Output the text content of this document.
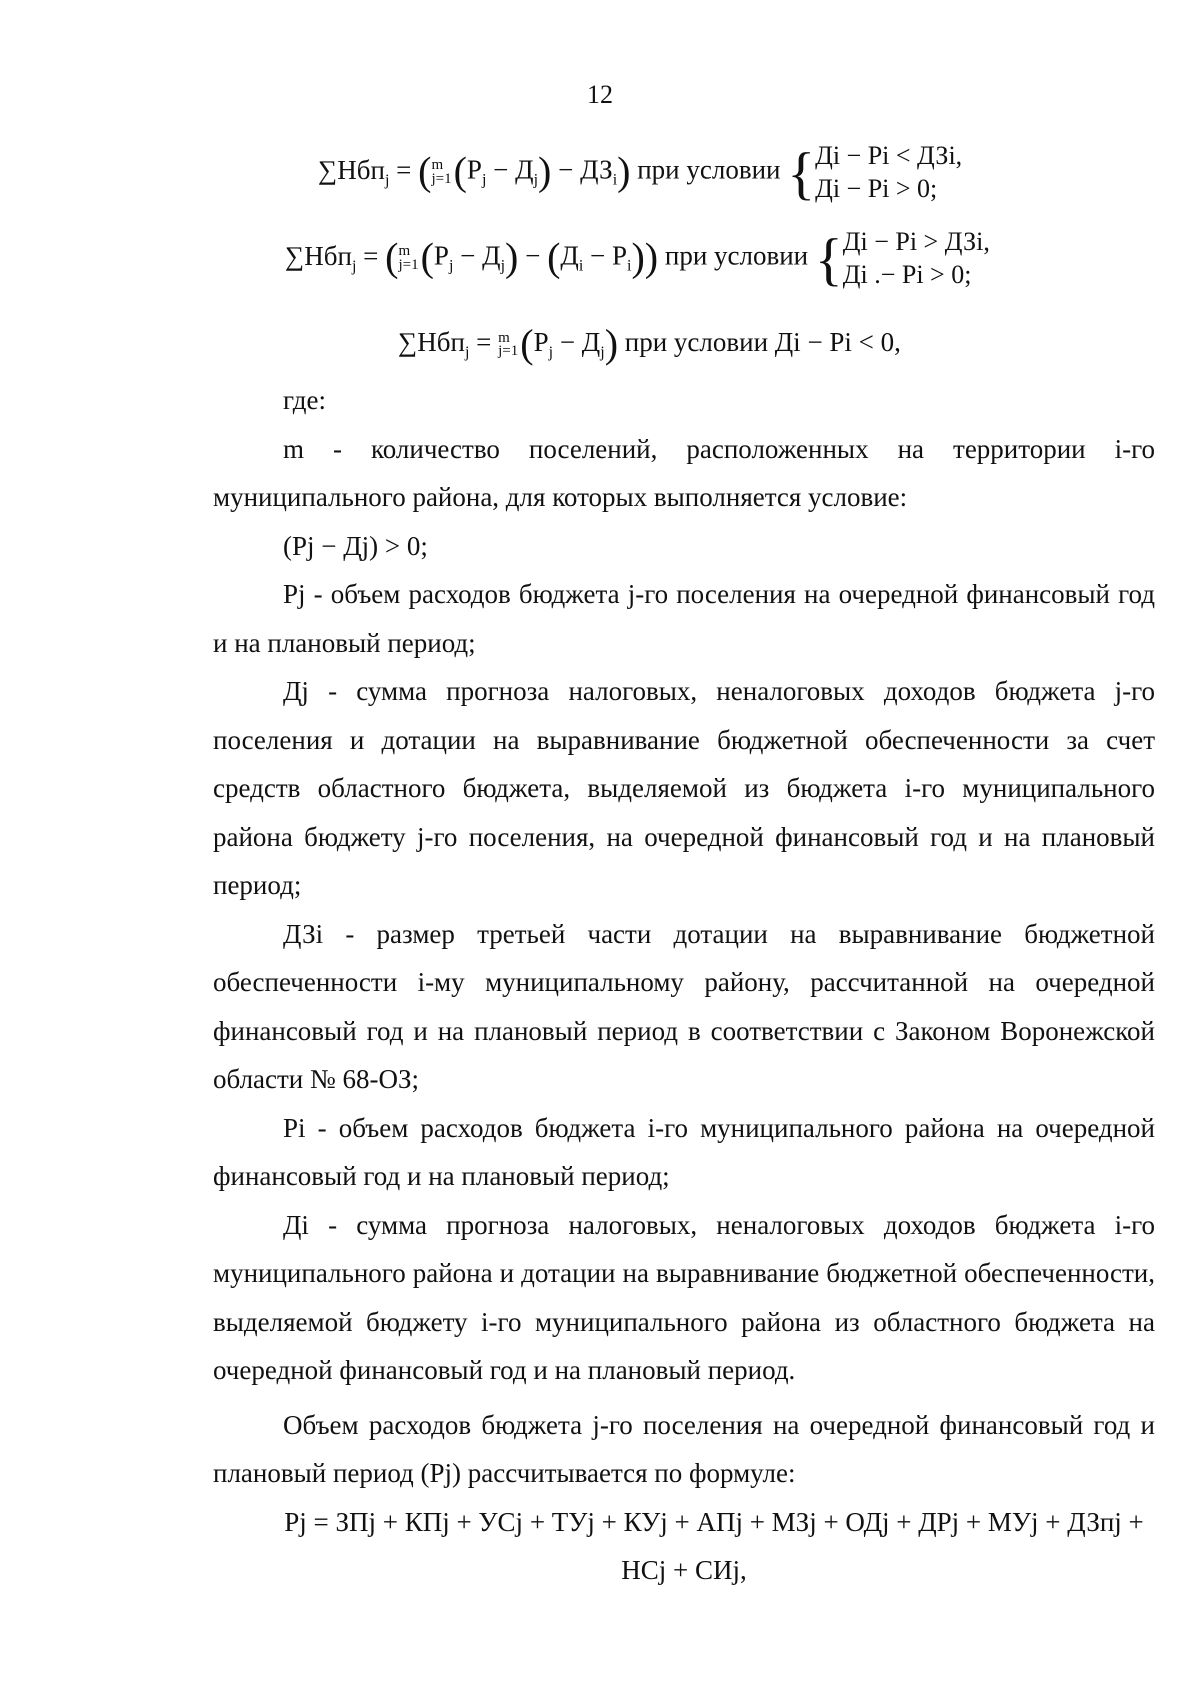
12
∑Нбп$_j$ = ( m
j=1 $(P_j - Д_j) - ДЗ_i$) при условии { Дi − Pi < ДЗi,
Дi − Pi > 0;
∑Нбп$_j$ = ( m
j=1 $(P_j - Д_j) - (Д_i - P_i)$) при условии { Дi − Pi > ДЗi,
Дi .− Pi > 0;
∑Нбп$_j$ = m
j=1 $(P_j - Д_j)$ при условии Дi − Pi < 0,

где:

m - количество поселений, расположенных на территории i-го муниципального района, для которых выполняется условие:

(Pj − Дj) > 0;

Pj - объем расходов бюджета j-го поселения на очередной финансовый год и на плановый период;

Дj - сумма прогноза налоговых, неналоговых доходов бюджета j-го поселения и дотации на выравнивание бюджетной обеспеченности за счет средств областного бюджета, выделяемой из бюджета i-го муниципального района бюджету j-го поселения, на очередной финансовый год и на плановый период;

ДЗi - размер третьей части дотации на выравнивание бюджетной обеспеченности i-му муниципальному району, рассчитанной на очередной финансовый год и на плановый период в соответствии с Законом Воронежской области № 68-ОЗ;

Pi - объем расходов бюджета i-го муниципального района на очередной финансовый год и на плановый период;

Дi - сумма прогноза налоговых, неналоговых доходов бюджета i-го муниципального района и дотации на выравнивание бюджетной обеспеченности, выделяемой бюджету i-го муниципального района из областного бюджета на очередной финансовый год и на плановый период.

Объем расходов бюджета j-го поселения на очередной финансовый год и плановый период (Pj) рассчитывается по формуле:

Pj = ЗПj + КПj + УСj + ТУj + КУj + АПj + МЗj + ОДj + ДРj + МУj + ДЗпj +

НСj + СИj,
